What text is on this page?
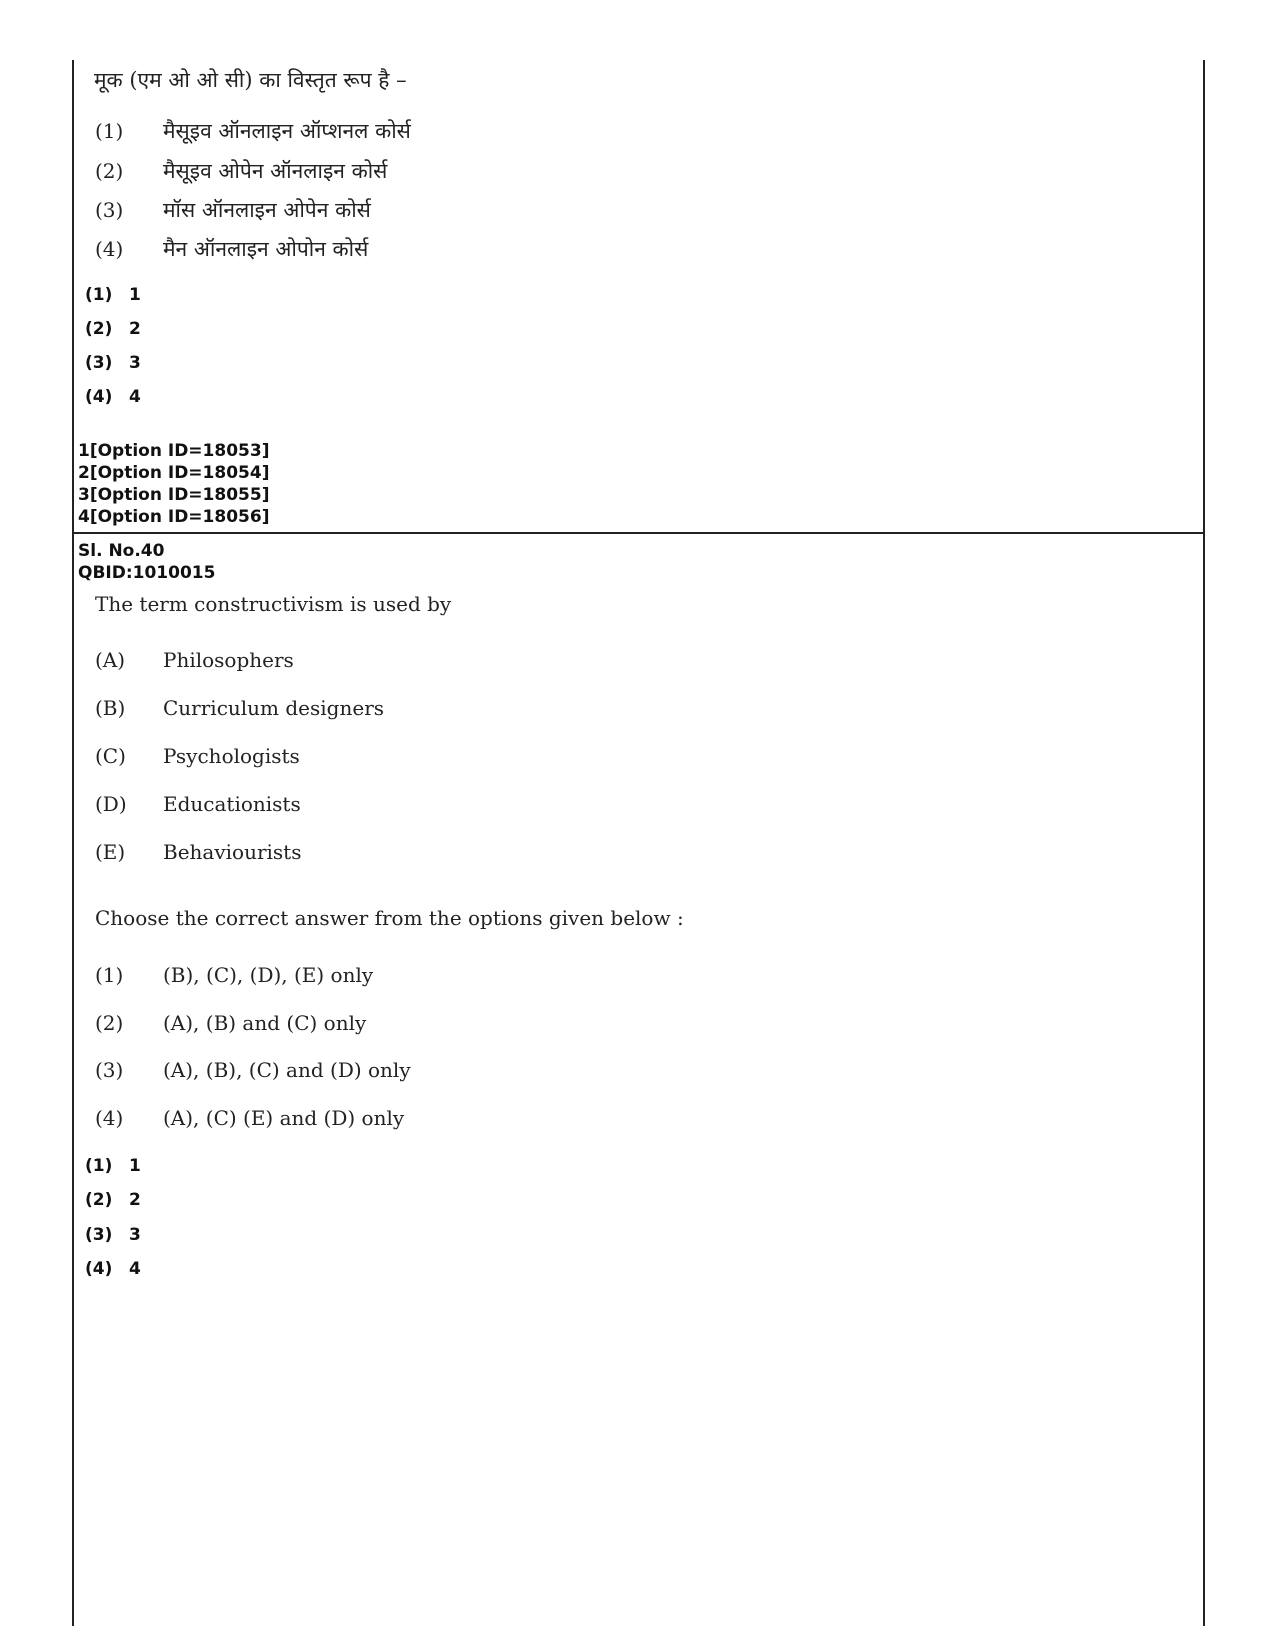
मूक (एम ओ ओ सी) का विस्तृत रूप है –
(1) मैसूइव ऑनलाइन ऑप्शनल कोर्स
(2) मैसूइव ओपेन ऑनलाइन कोर्स
(3) मॉस ऑनलाइन ओपेन कोर्स
(4) मैन ऑनलाइन ओपोन कोर्स
(1) 1
(2) 2
(3) 3
(4) 4
1[Option ID=18053]
2[Option ID=18054]
3[Option ID=18055]
4[Option ID=18056]
Sl. No.40
QBID:1010015
The term constructivism is used by
(A) Philosophers
(B) Curriculum designers
(C) Psychologists
(D) Educationists
(E) Behaviourists
Choose the correct answer from the options given below :
(1) (B), (C), (D), (E) only
(2) (A), (B) and (C) only
(3) (A), (B), (C) and (D) only
(4) (A), (C) (E) and (D) only
(1) 1
(2) 2
(3) 3
(4) 4
